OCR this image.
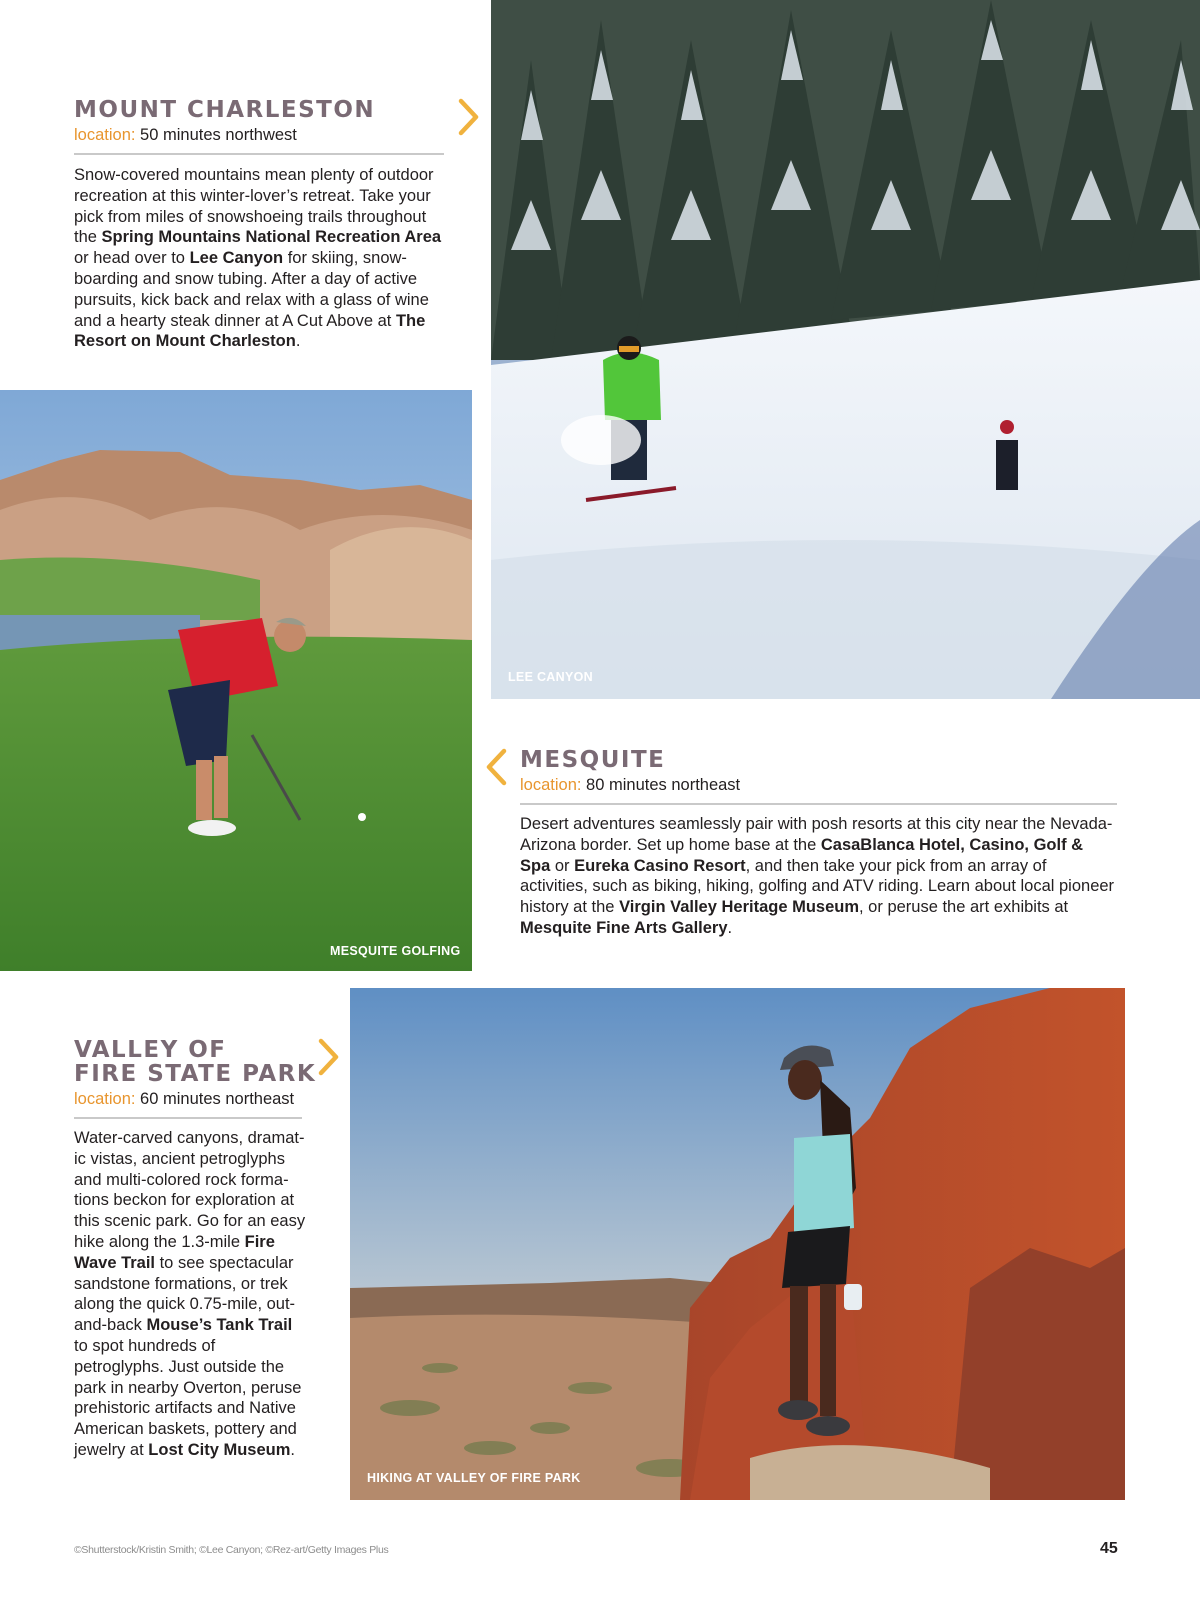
MOUNT CHARLESTON
location: 50 minutes northwest
Snow-covered mountains mean plenty of outdoor recreation at this winter-lover’s retreat. Take your pick from miles of snowshoeing trails throughout the Spring Mountains National Recreation Area or head over to Lee Canyon for skiing, snow-boarding and snow tubing. After a day of active pursuits, kick back and relax with a glass of wine and a hearty steak dinner at A Cut Above at The Resort on Mount Charleston.
LEE CANYON
MESQUITE GOLFING
MESQUITE
location: 80 minutes northeast
Desert adventures seamlessly pair with posh resorts at this city near the Nevada-Arizona border. Set up home base at the CasaBlanca Hotel, Casino, Golf & Spa or Eureka Casino Resort, and then take your pick from an array of activities, such as biking, hiking, golfing and ATV riding. Learn about local pioneer history at the Virgin Valley Heritage Museum, or peruse the art exhibits at Mesquite Fine Arts Gallery.
VALLEY OF
FIRE STATE PARK
location: 60 minutes northeast
Water-carved canyons, dramat-ic vistas, ancient petroglyphs and multi-colored rock forma-tions beckon for exploration at this scenic park. Go for an easy hike along the 1.3-mile Fire Wave Trail to see spectacular sandstone formations, or trek along the quick 0.75-mile, out-and-back Mouse’s Tank Trail to spot hundreds of petroglyphs. Just outside the park in nearby Overton, peruse prehistoric artifacts and Native American baskets, pottery and jewelry at Lost City Museum.
HIKING AT VALLEY OF FIRE PARK
©Shutterstock/Kristin Smith; ©Lee Canyon; ©Rez-art/Getty Images Plus	45
